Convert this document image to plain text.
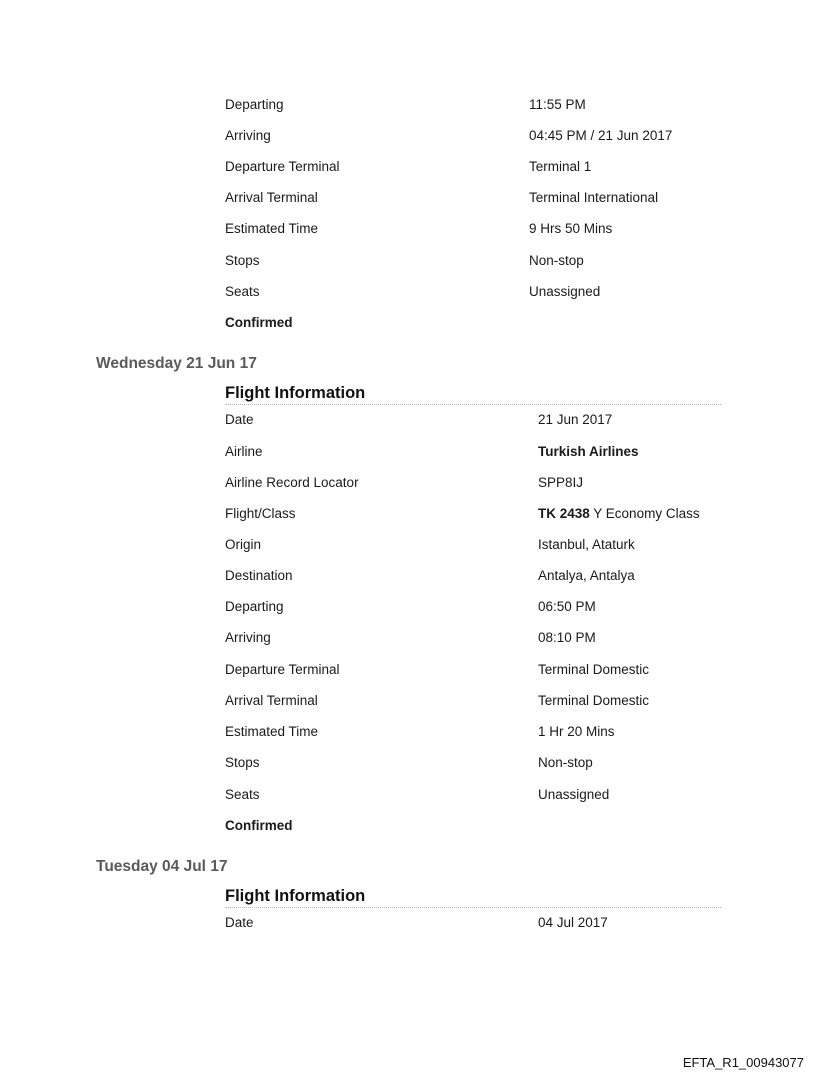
Departing	11:55 PM
Arriving	04:45 PM / 21 Jun 2017
Departure Terminal	Terminal 1
Arrival Terminal	Terminal International
Estimated Time	9 Hrs 50 Mins
Stops	Non-stop
Seats	Unassigned
Confirmed
Wednesday 21 Jun 17
Flight Information
Date	21 Jun 2017
Airline	Turkish Airlines
Airline Record Locator	SPP8IJ
Flight/Class	TK 2438 Y Economy Class
Origin	Istanbul, Ataturk
Destination	Antalya, Antalya
Departing	06:50 PM
Arriving	08:10 PM
Departure Terminal	Terminal Domestic
Arrival Terminal	Terminal Domestic
Estimated Time	1 Hr 20 Mins
Stops	Non-stop
Seats	Unassigned
Confirmed
Tuesday 04 Jul 17
Flight Information
Date	04 Jul 2017
EFTA_R1_00943077
